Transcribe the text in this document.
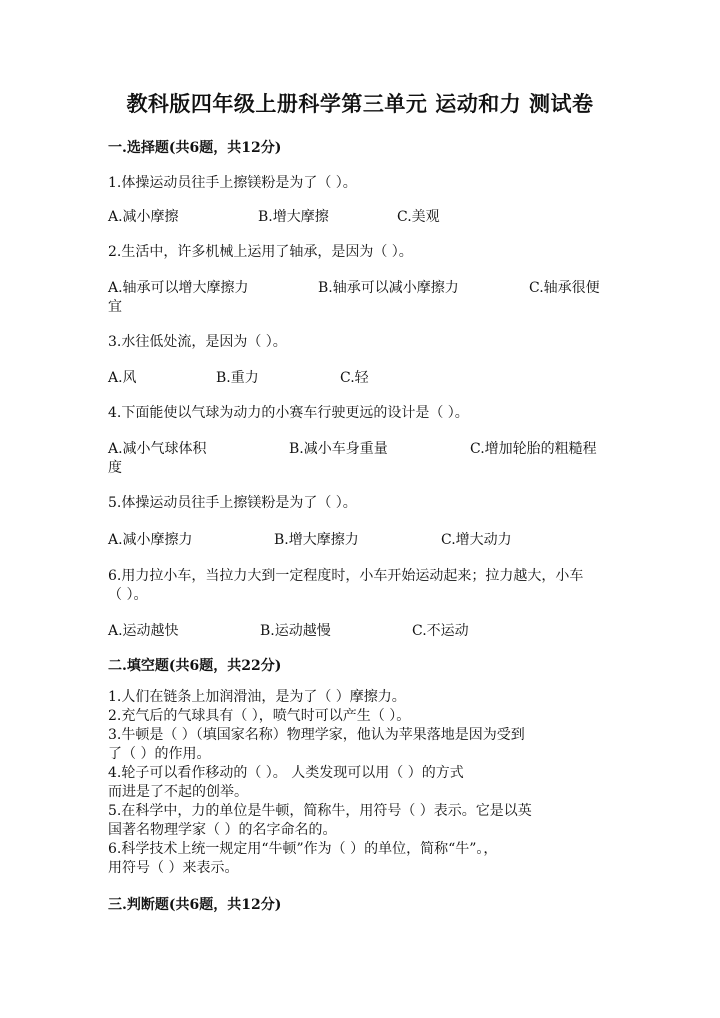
教科版四年级上册科学第三单元 运动和力 测试卷
一.选择题(共6题，共12分)
1.体操运动员往手上擦镁粉是为了（ ）。
A.减小摩擦	B.增大摩擦	C.美观
2.生活中，许多机械上运用了轴承，是因为（ ）。
A.轴承可以增大摩擦力	B.轴承可以减小摩擦力	C.轴承很便
宜
3.水往低处流，是因为（ ）。
A.风	B.重力	C.轻
4.下面能使以气球为动力的小赛车行驶更远的设计是（ ）。
A.减小气球体积	B.减小车身重量	C.增加轮胎的粗糙程
度
5.体操运动员往手上擦镁粉是为了（ ）。
A.减小摩擦力	B.增大摩擦力	C.增大动力
6.用力拉小车，当拉力大到一定程度时，小车开始运动起来；拉力越大，小车
（ ）。
A.运动越快	B.运动越慢	C.不运动
二.填空题(共6题，共22分)
1.人们在链条上加润滑油，是为了（ ）摩擦力。
2.充气后的气球具有（ ），喷气时可以产生（ ）。
3.牛顿是（ ）（填国家名称）物理学家，他认为苹果落地是因为受到
了（ ）的作用。
4.轮子可以看作移动的（ ）。 人类发现可以用（ ）的方式
而进是了不起的创举。
5.在科学中，力的单位是牛顿，简称牛，用符号（ ）表示。它是以英
国著名物理学家（ ）的名字命名的。
6.科学技术上统一规定用“牛顿”作为（ ）的单位，简称“牛”。，
用符号（ ）来表示。
三.判断题(共6题，共12分)
